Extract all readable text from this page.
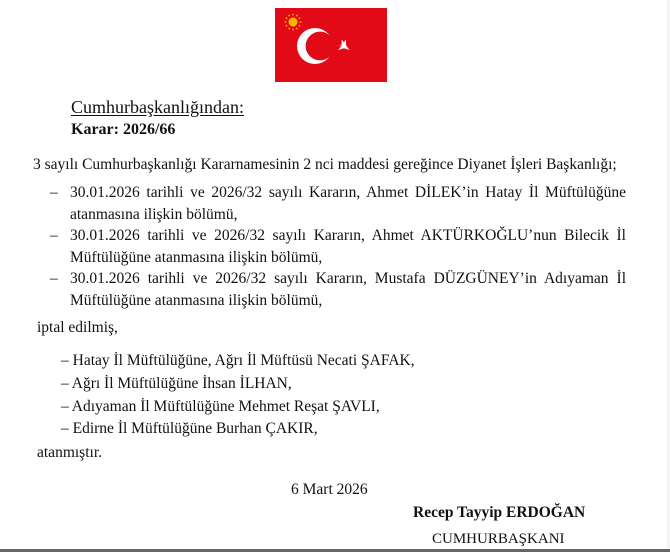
Cumhurbaşkanlığından:
Karar: 2026/66
3 sayılı Cumhurbaşkanlığı Kararnamesinin 2 nci maddesi gereğince Diyanet İşleri Başkanlığı;
– 30.01.2026 tarihli ve 2026/32 sayılı Kararın, Ahmet DİLEK’in Hatay İl Müftülüğüne
atanmasına ilişkin bölümü,
– 30.01.2026 tarihli ve 2026/32 sayılı Kararın, Ahmet AKTÜRKOĞLU’nun Bilecik İl
Müftülüğüne atanmasına ilişkin bölümü,
– 30.01.2026 tarihli ve 2026/32 sayılı Kararın, Mustafa DÜZGÜNEY’in Adıyaman İl
Müftülüğüne atanmasına ilişkin bölümü,
iptal edilmiş,
– Hatay İl Müftülüğüne, Ağrı İl Müftüsü Necati ŞAFAK,
– Ağrı İl Müftülüğüne İhsan İLHAN,
– Adıyaman İl Müftülüğüne Mehmet Reşat ŞAVLI,
– Edirne İl Müftülüğüne Burhan ÇAKIR,
atanmıştır.
6 Mart 2026
Recep Tayyip ERDOĞAN
CUMHURBAŞKANI
